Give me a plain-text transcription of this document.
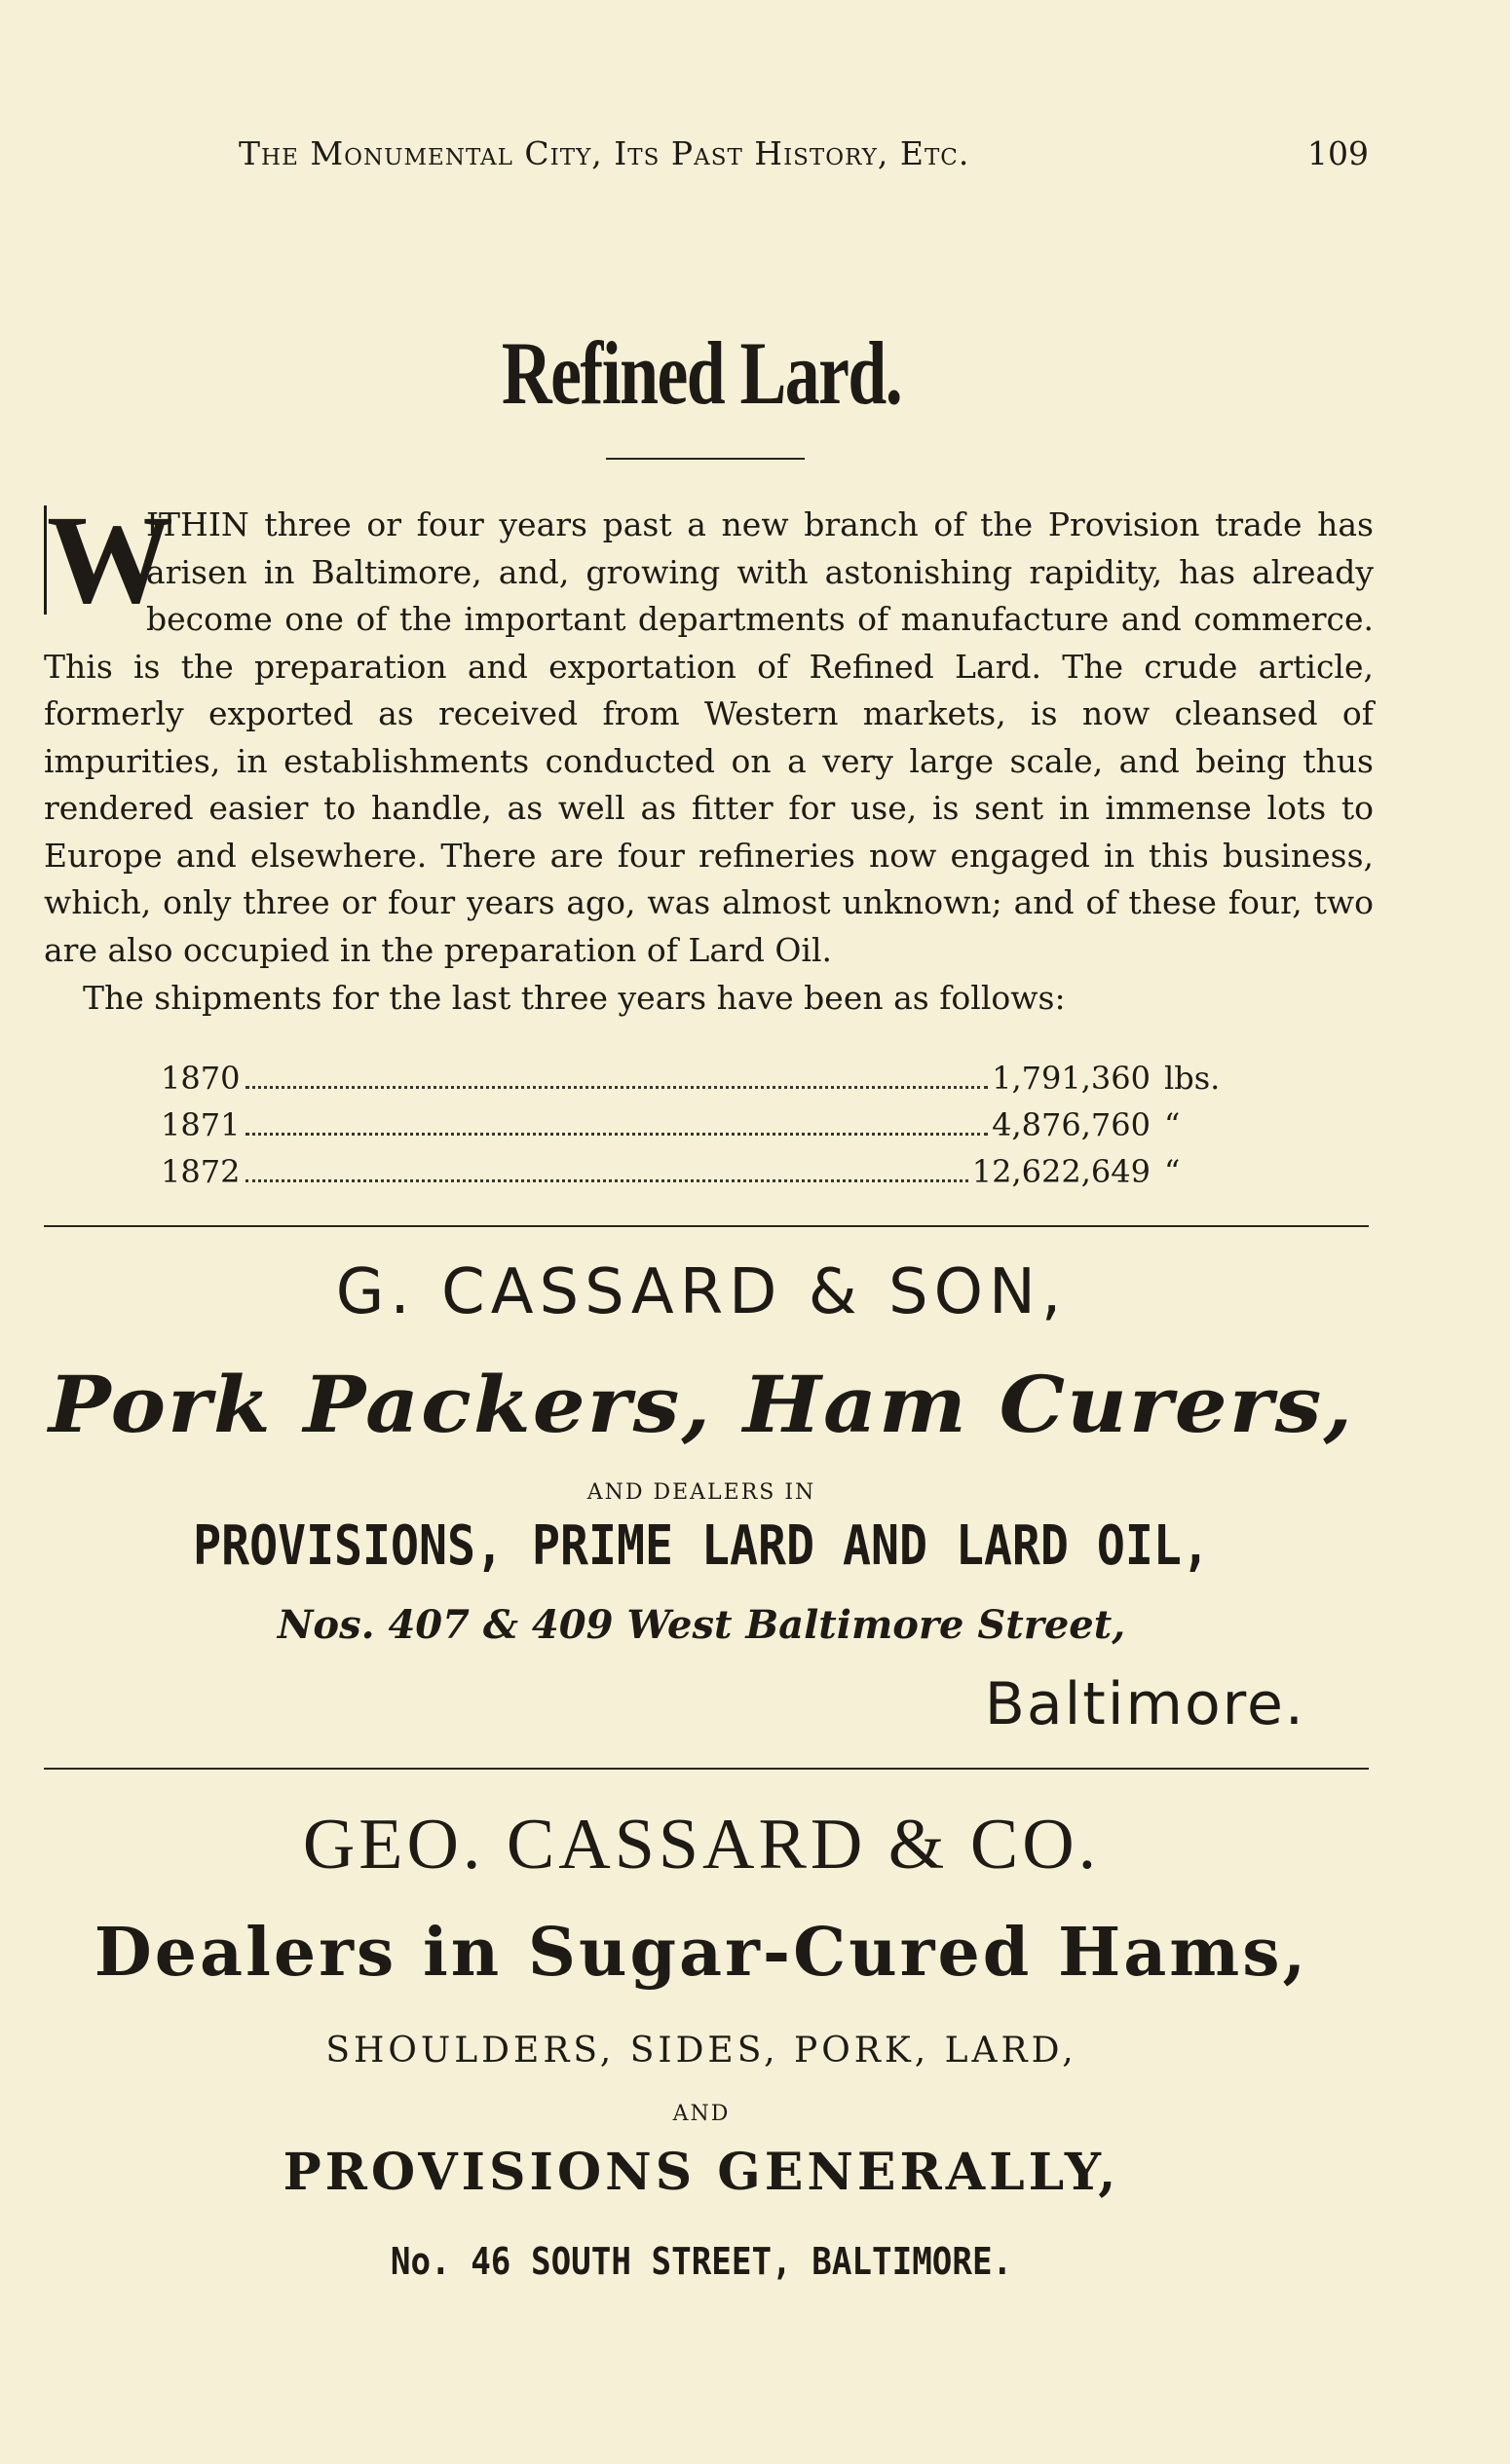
The Monumental City, Its Past History, Etc.	109
Refined Lard.
W

ITHIN three or four years past a new branch of the Provision trade has arisen in Baltimore, and, growing with astonishing rapidity, has already become one of the important departments of manufacture and commerce. This is the preparation and exportation of Refined Lard. The crude article, formerly exported as received from Western markets, is now cleansed of impurities, in establishments conducted on a very large scale, and being thus rendered easier to handle, as well as fitter for use, is sent in immense lots to Europe and elsewhere. There are four refineries now engaged in this business, which, only three or four years ago, was almost unknown; and of these four, two are also occupied in the preparation of Lard Oil.

The shipments for the last three years have been as follows:
1870	1,791,360 lbs.
1871	4,876,760 “
1872	12,622,649 “
G. CASSARD & SON,
Pork Packers, Ham Curers,
AND DEALERS IN
PROVISIONS, PRIME LARD AND LARD OIL,
Nos. 407 & 409 West Baltimore Street,
Baltimore.
GEO. CASSARD & CO.
Dealers in Sugar-Cured Hams,
SHOULDERS, SIDES, PORK, LARD,
AND
PROVISIONS GENERALLY,
No. 46 SOUTH STREET, BALTIMORE.
